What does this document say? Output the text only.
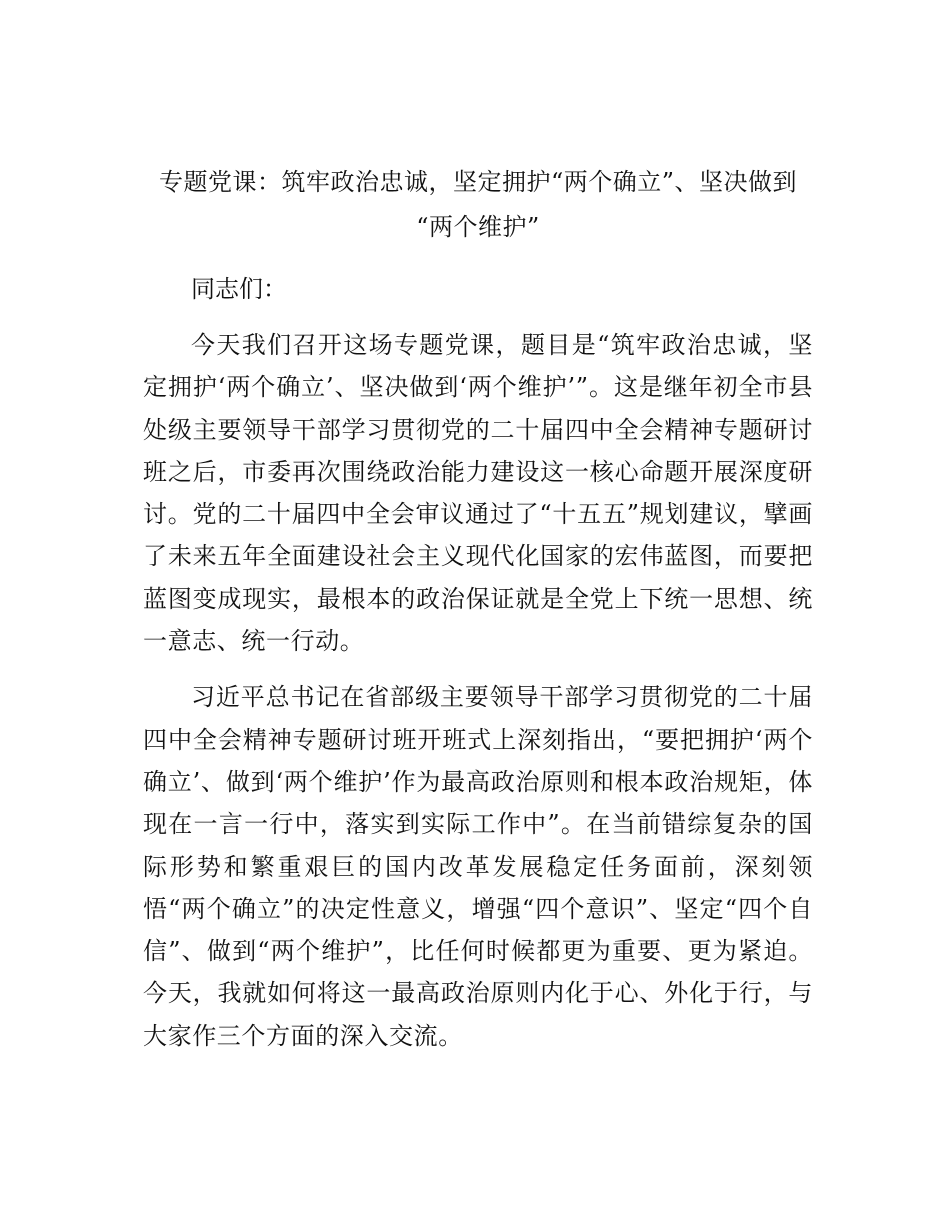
专题党课：筑牢政治忠诚，坚定拥护“两个确立”、坚决做到
“两个维护”

同志们：

今天我们召开这场专题党课，题目是“筑牢政治忠诚，坚定拥护‘两个确立’、坚决做到‘两个维护’”。这是继年初全市县处级主要领导干部学习贯彻党的二十届四中全会精神专题研讨班之后，市委再次围绕政治能力建设这一核心命题开展深度研讨。党的二十届四中全会审议通过了“十五五”规划建议，擘画了未来五年全面建设社会主义现代化国家的宏伟蓝图，而要把蓝图变成现实，最根本的政治保证就是全党上下统一思想、统一意志、统一行动。

习近平总书记在省部级主要领导干部学习贯彻党的二十届四中全会精神专题研讨班开班式上深刻指出，“要把拥护‘两个确立’、做到‘两个维护’作为最高政治原则和根本政治规矩，体现在一言一行中，落实到实际工作中”。在当前错综复杂的国际形势和繁重艰巨的国内改革发展稳定任务面前，深刻领悟“两个确立”的决定性意义，增强“四个意识”、坚定“四个自信”、做到“两个维护”，比任何时候都更为重要、更为紧迫。今天，我就如何将这一最高政治原则内化于心、外化于行，与大家作三个方面的深入交流。
